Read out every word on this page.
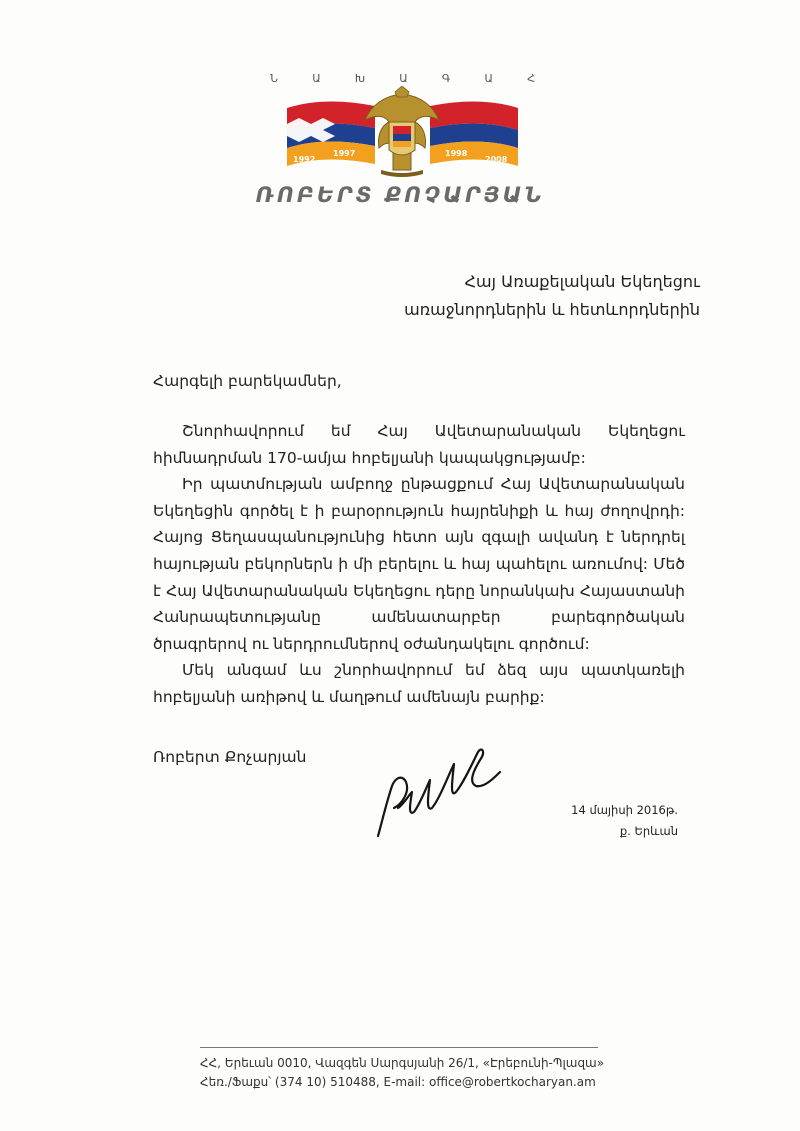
Ն	Ա	Խ	Ա	Գ	Ա	Հ
1992
1997	1998
2008
ՌՈԲԵՐՏ ՔՈՉԱՐՅԱՆ
Հայ Առաքելական Եկեղեցու
առաջնորդներին և հետևորդներին
Հարգելի բարեկամներ,

Շնորհավորում եմ Հայ Ավետարանական Եկեղեցու հիմնադրման 170-ամյա հոբելյանի կապակցությամբ:

Իր պատմության ամբողջ ընթացքում Հայ Ավետարանական Եկեղեցին գործել է ի բարօրություն հայրենիքի և հայ ժողովրդի: Հայոց Ցեղասպանությունից հետո այն զգալի ավանդ է ներդրել հայության բեկորներն ի մի բերելու և հայ պահելու առումով: Մեծ է Հայ Ավետարանական Եկեղեցու դերը նորանկախ Հայաստանի Հանրապետությանը ամենատարբեր բարեգործական ծրագրերով ու ներդրումներով օժանդակելու գործում:

Մեկ անգամ ևս շնորհավորում եմ ձեզ այս պատկառելի հոբելյանի առիթով և մաղթում ամենայն բարիք:

Ռոբերտ Քոչարյան
14 մայիսի 2016թ.
ք. Երևան
ՀՀ, Երեւան 0010, Վազգեն Սարգսյանի 26/1, «Էրեբունի-Պլազա»
Հեռ./Ֆաքս՝ (374 10) 510488, E-mail: office@robertkocharyan.am
